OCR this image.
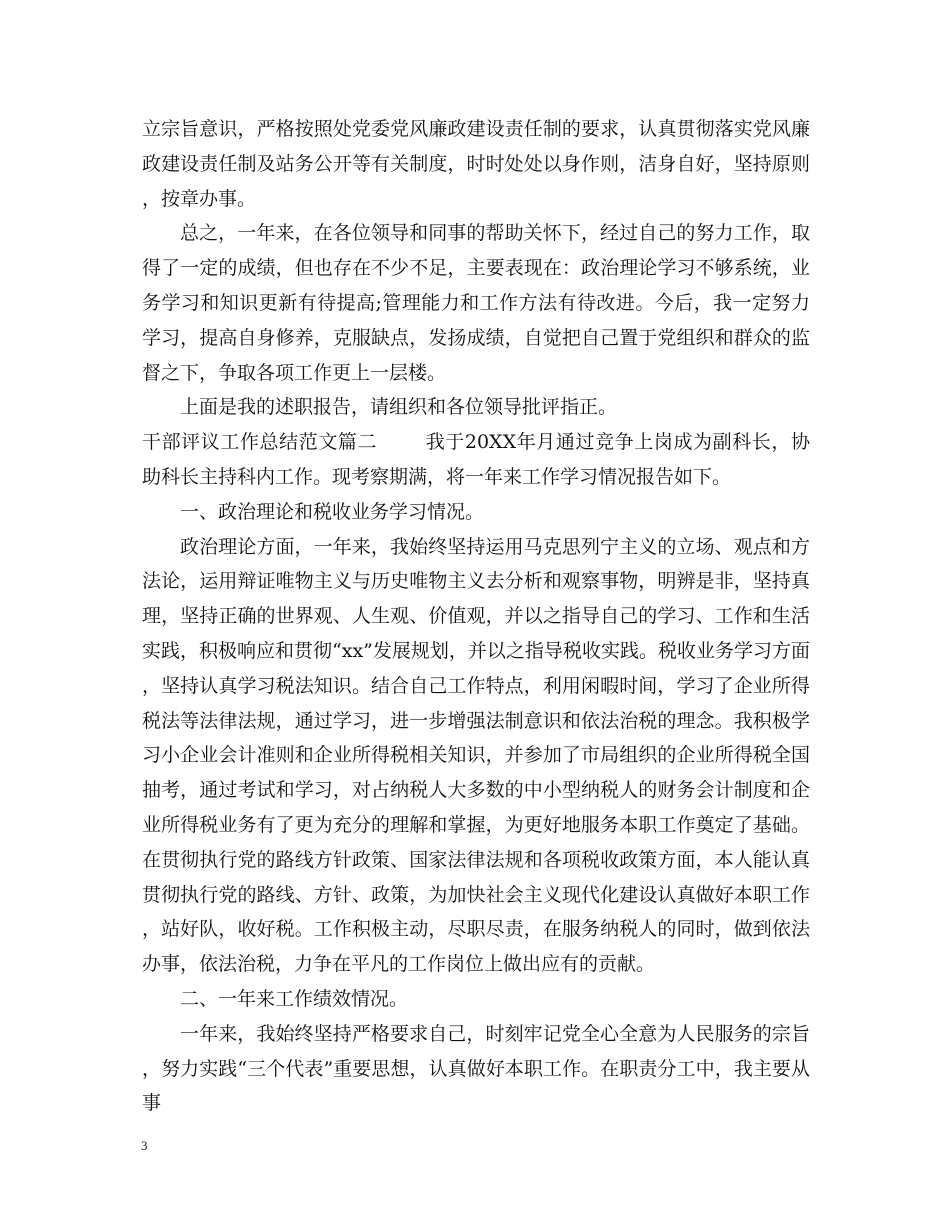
立宗旨意识，严格按照处党委党风廉政建设责任制的要求，认真贯彻落实党风廉政建设责任制及站务公开等有关制度，时时处处以身作则，洁身自好，坚持原则，按章办事。

总之，一年来，在各位领导和同事的帮助关怀下，经过自己的努力工作，取得了一定的成绩，但也存在不少不足，主要表现在：政治理论学习不够系统，业务学习和知识更新有待提高;管理能力和工作方法有待改进。今后，我一定努力学习，提高自身修养，克服缺点，发扬成绩，自觉把自己置于党组织和群众的监督之下，争取各项工作更上一层楼。

上面是我的述职报告，请组织和各位领导批评指正。

干部评议工作总结范文篇二	我于20XX年月通过竞争上岗成为副科长，协助科长主持科内工作。现考察期满，将一年来工作学习情况报告如下。

一、政治理论和税收业务学习情况。

政治理论方面，一年来，我始终坚持运用马克思列宁主义的立场、观点和方法论，运用辩证唯物主义与历史唯物主义去分析和观察事物，明辨是非，坚持真理，坚持正确的世界观、人生观、价值观，并以之指导自己的学习、工作和生活实践，积极响应和贯彻“xx”发展规划，并以之指导税收实践。税收业务学习方面，坚持认真学习税法知识。结合自己工作特点，利用闲暇时间，学习了企业所得税法等法律法规，通过学习，进一步增强法制意识和依法治税的理念。我积极学习小企业会计准则和企业所得税相关知识，并参加了市局组织的企业所得税全国抽考，通过考试和学习，对占纳税人大多数的中小型纳税人的财务会计制度和企业所得税业务有了更为充分的理解和掌握，为更好地服务本职工作奠定了基础。在贯彻执行党的路线方针政策、国家法律法规和各项税收政策方面，本人能认真贯彻执行党的路线、方针、政策，为加快社会主义现代化建设认真做好本职工作，站好队，收好税。工作积极主动，尽职尽责，在服务纳税人的同时，做到依法办事，依法治税，力争在平凡的工作岗位上做出应有的贡献。

二、一年来工作绩效情况。

一年来，我始终坚持严格要求自己，时刻牢记党全心全意为人民服务的宗旨，努力实践“三个代表”重要思想，认真做好本职工作。在职责分工中，我主要从事

3
